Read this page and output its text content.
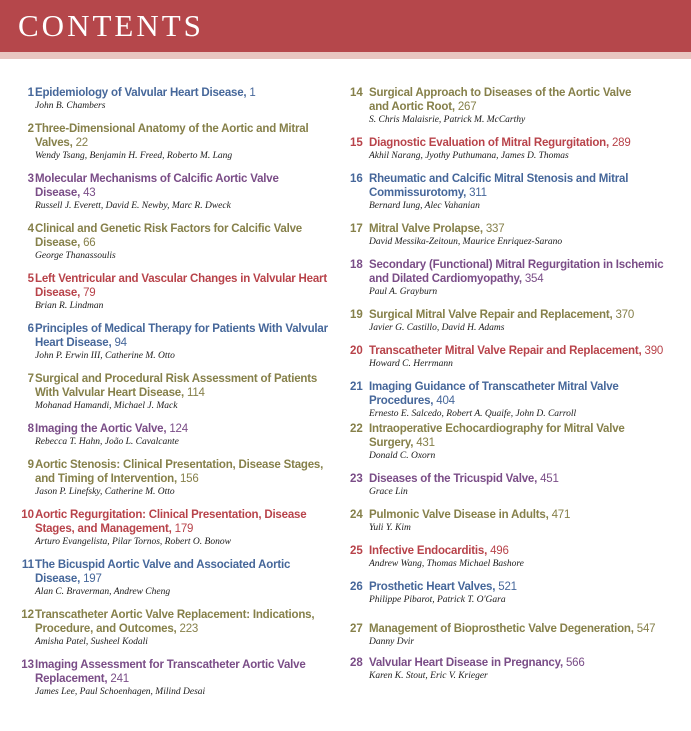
CONTENTS
1 Epidemiology of Valvular Heart Disease, 1
John B. Chambers
2 Three-Dimensional Anatomy of the Aortic and Mitral
Valves, 22
Wendy Tsang, Benjamin H. Freed, Roberto M. Lang
3 Molecular Mechanisms of Calcific Aortic Valve
Disease, 43
Russell J. Everett, David E. Newby, Marc R. Dweck
4 Clinical and Genetic Risk Factors for Calcific Valve
Disease, 66
George Thanassoulis
5 Left Ventricular and Vascular Changes in Valvular Heart
Disease, 79
Brian R. Lindman
6 Principles of Medical Therapy for Patients With Valvular
Heart Disease, 94
John P. Erwin III, Catherine M. Otto
7 Surgical and Procedural Risk Assessment of Patients
With Valvular Heart Disease, 114
Mohanad Hamandi, Michael J. Mack
8 Imaging the Aortic Valve, 124
Rebecca T. Hahn, João L. Cavalcante
9 Aortic Stenosis: Clinical Presentation, Disease Stages,
and Timing of Intervention, 156
Jason P. Linefsky, Catherine M. Otto
10 Aortic Regurgitation: Clinical Presentation, Disease
Stages, and Management, 179
Arturo Evangelista, Pilar Tornos, Robert O. Bonow
11 The Bicuspid Aortic Valve and Associated Aortic
Disease, 197
Alan C. Braverman, Andrew Cheng
12 Transcatheter Aortic Valve Replacement: Indications,
Procedure, and Outcomes, 223
Amisha Patel, Susheel Kodali
13 Imaging Assessment for Transcatheter Aortic Valve
Replacement, 241
James Lee, Paul Schoenhagen, Milind Desai
14 Surgical Approach to Diseases of the Aortic Valve
and Aortic Root, 267
S. Chris Malaisrie, Patrick M. McCarthy
15 Diagnostic Evaluation of Mitral Regurgitation, 289
Akhil Narang, Jyothy Puthumana, James D. Thomas
16 Rheumatic and Calcific Mitral Stenosis and Mitral
Commissurotomy, 311
Bernard Iung, Alec Vahanian
17 Mitral Valve Prolapse, 337
David Messika-Zeitoun, Maurice Enriquez-Sarano
18 Secondary (Functional) Mitral Regurgitation in Ischemic
and Dilated Cardiomyopathy, 354
Paul A. Grayburn
19 Surgical Mitral Valve Repair and Replacement, 370
Javier G. Castillo, David H. Adams
20 Transcatheter Mitral Valve Repair and Replacement, 390
Howard C. Herrmann
21 Imaging Guidance of Transcatheter Mitral Valve
Procedures, 404
Ernesto E. Salcedo, Robert A. Quaife, John D. Carroll
22 Intraoperative Echocardiography for Mitral Valve
Surgery, 431
Donald C. Oxorn
23 Diseases of the Tricuspid Valve, 451
Grace Lin
24 Pulmonic Valve Disease in Adults, 471
Yuli Y. Kim
25 Infective Endocarditis, 496
Andrew Wang, Thomas Michael Bashore
26 Prosthetic Heart Valves, 521
Philippe Pibarot, Patrick T. O'Gara
27 Management of Bioprosthetic Valve Degeneration, 547
Danny Dvir
28 Valvular Heart Disease in Pregnancy, 566
Karen K. Stout, Eric V. Krieger
